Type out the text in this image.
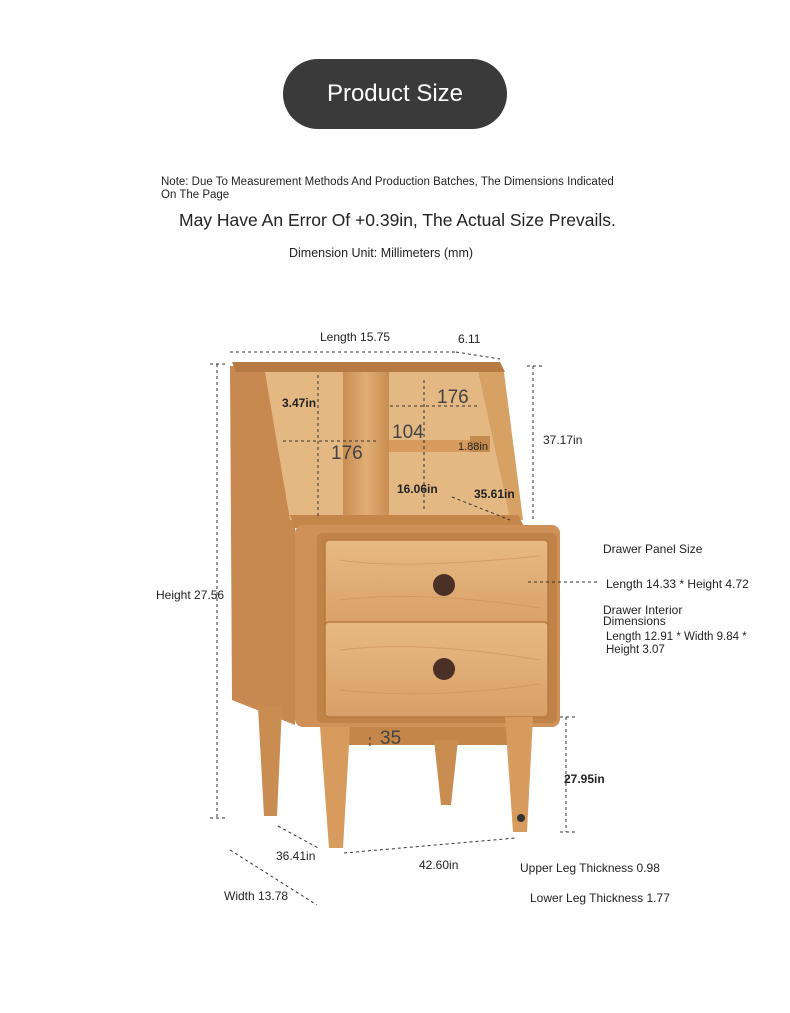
Product Size
Note: Due To Measurement Methods And Production Batches, The Dimensions Indicated On The Page
May Have An Error Of +0.39in, The Actual Size Prevails.
Dimension Unit: Millimeters (mm)
Length 15.75	6.11
3.47in	176
104
1.88in
176
16.06in
37.17in
35.61in
Height 27.56
Drawer Panel Size
Length 14.33 * Height 4.72
Drawer Interior Dimensions
Length 12.91 * Width 9.84 * Height 3.07
35
27.95in
36.41in
42.60in
Width 13.78
Upper Leg Thickness 0.98
Lower Leg Thickness 1.77
